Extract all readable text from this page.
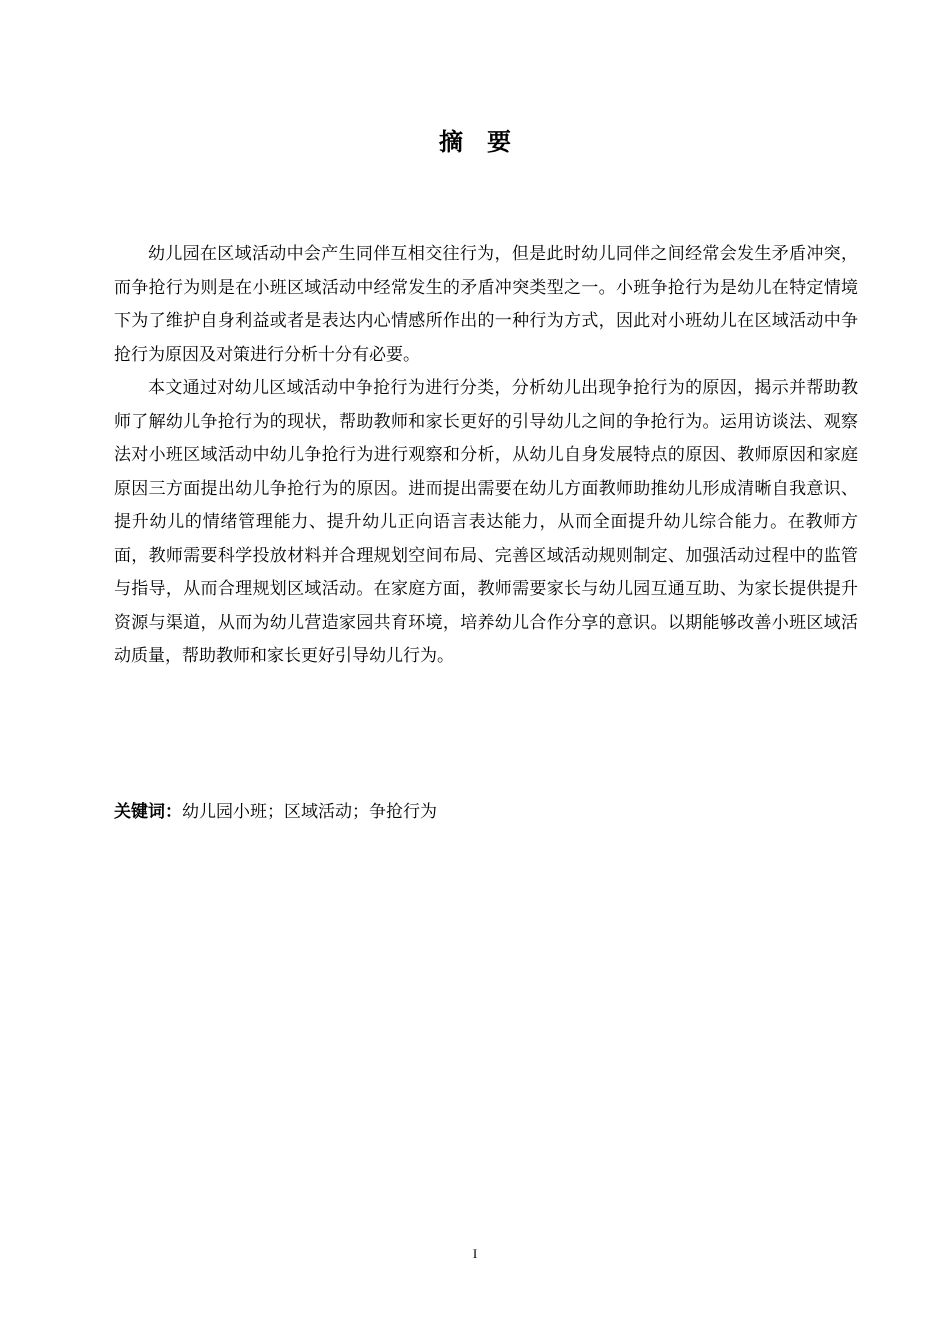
摘 要

幼儿园在区域活动中会产生同伴互相交往行为，但是此时幼儿同伴之间经常会发生矛盾冲突，而争抢行为则是在小班区域活动中经常发生的矛盾冲突类型之一。小班争抢行为是幼儿在特定情境下为了维护自身利益或者是表达内心情感所作出的一种行为方式，因此对小班幼儿在区域活动中争抢行为原因及对策进行分析十分有必要。

本文通过对幼儿区域活动中争抢行为进行分类，分析幼儿出现争抢行为的原因，揭示并帮助教师了解幼儿争抢行为的现状，帮助教师和家长更好的引导幼儿之间的争抢行为。运用访谈法、观察法对小班区域活动中幼儿争抢行为进行观察和分析，从幼儿自身发展特点的原因、教师原因和家庭原因三方面提出幼儿争抢行为的原因。进而提出需要在幼儿方面教师助推幼儿形成清晰自我意识、提升幼儿的情绪管理能力、提升幼儿正向语言表达能力，从而全面提升幼儿综合能力。在教师方面，教师需要科学投放材料并合理规划空间布局、完善区域活动规则制定、加强活动过程中的监管与指导，从而合理规划区域活动。在家庭方面，教师需要家长与幼儿园互通互助、为家长提供提升资源与渠道，从而为幼儿营造家园共育环境，培养幼儿合作分享的意识。以期能够改善小班区域活动质量，帮助教师和家长更好引导幼儿行为。

关键词：幼儿园小班；区域活动；争抢行为
I
